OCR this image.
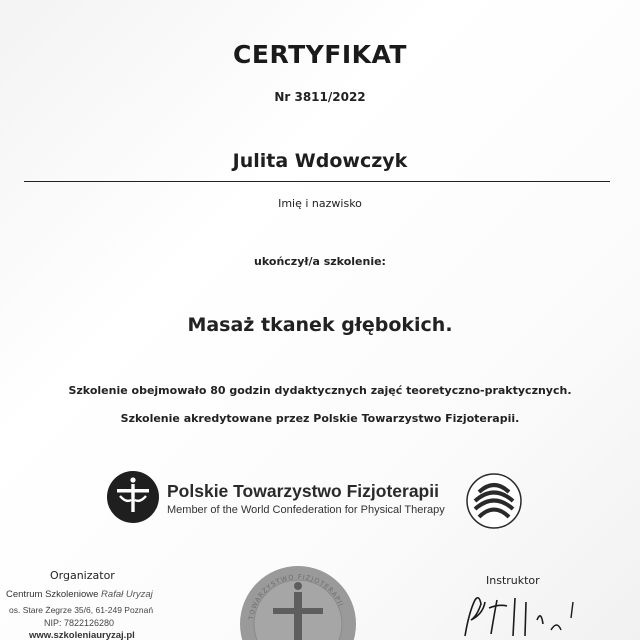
CERTYFIKAT
Nr 3811/2022
Julita Wdowczyk
Imię i nazwisko
ukończył/a szkolenie:
Masaż tkanek głębokich.
Szkolenie obejmowało 80 godzin dydaktycznych zajęć teoretyczno-praktycznych.
Szkolenie akredytowane przez Polskie Towarzystwo Fizjoterapii.
Polskie Towarzystwo Fizjoterapii
Member of the World Confederation for Physical Therapy
Organizator
Centrum Szkoleniowe Rafał Uryzaj
os. Stare Żegrze 35/6, 61-249 Poznań
NIP: 7822126280
www.szkoleniauryzaj.pl
TOWARZYSTWO FIZJOTERAPII
Instruktor
